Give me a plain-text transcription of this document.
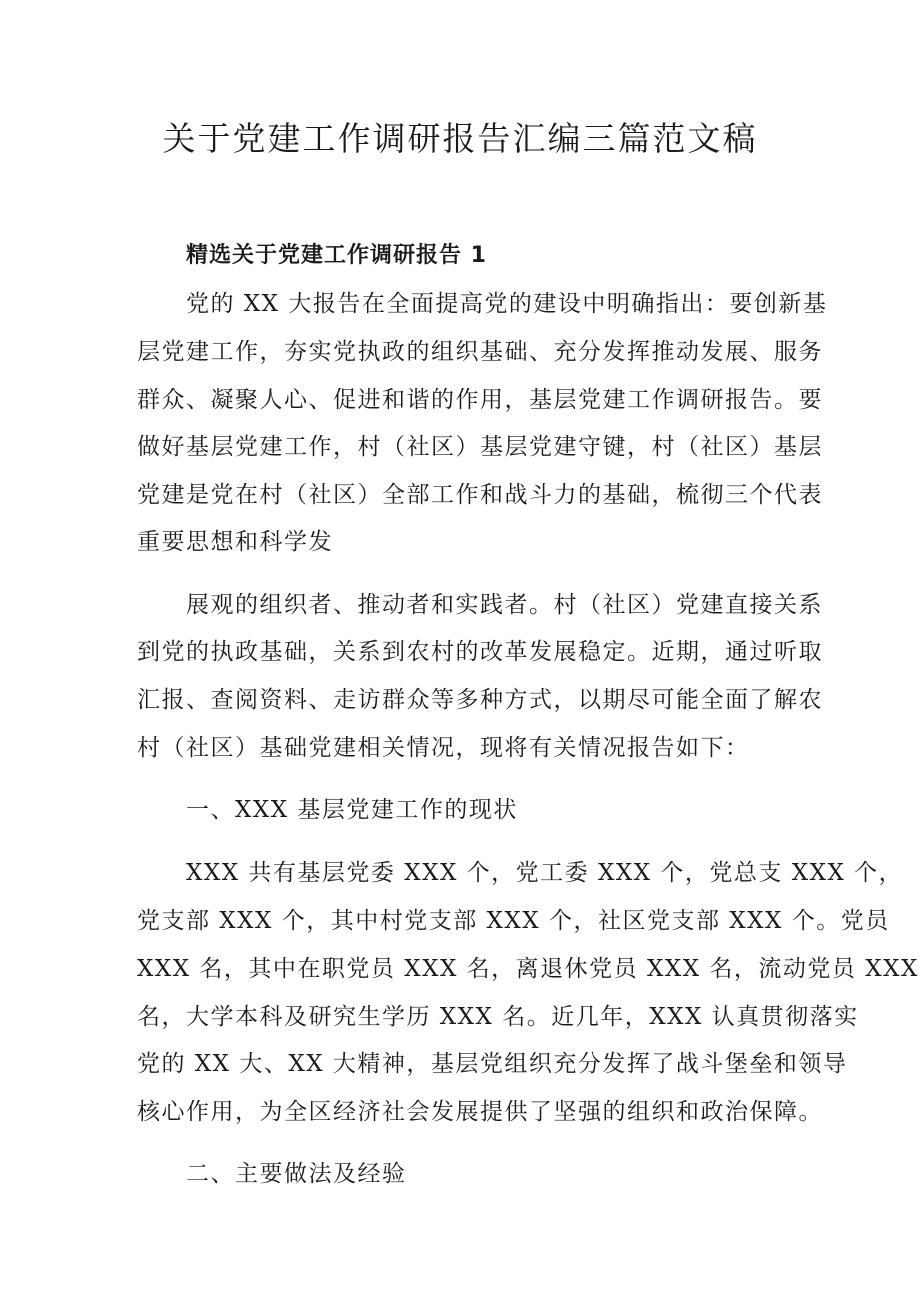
关于党建工作调研报告汇编三篇范文稿
精选关于党建工作调研报告 1

党的 XX 大报告在全面提高党的建设中明确指出：要创新基

层党建工作，夯实党执政的组织基础、充分发挥推动发展、服务

群众、凝聚人心、促进和谐的作用，基层党建工作调研报告。要

做好基层党建工作，村（社区）基层党建守键，村（社区）基层

党建是党在村（社区）全部工作和战斗力的基础，梳彻三个代表

重要思想和科学发

展观的组织者、推动者和实践者。村（社区）党建直接关系

到党的执政基础，关系到农村的改革发展稳定。近期，通过听取

汇报、查阅资料、走访群众等多种方式，以期尽可能全面了解农

村（社区）基础党建相关情况，现将有关情况报告如下：

一、XXX 基层党建工作的现状

XXX 共有基层党委 XXX 个，党工委 XXX 个，党总支 XXX 个，

党支部 XXX 个，其中村党支部 XXX 个，社区党支部 XXX 个。党员

XXX 名，其中在职党员 XXX 名，离退休党员 XXX 名，流动党员 XXX

名，大学本科及研究生学历 XXX 名。近几年，XXX 认真贯彻落实

党的 XX 大、XX 大精神，基层党组织充分发挥了战斗堡垒和领导

核心作用，为全区经济社会发展提供了坚强的组织和政治保障。

二、主要做法及经验
